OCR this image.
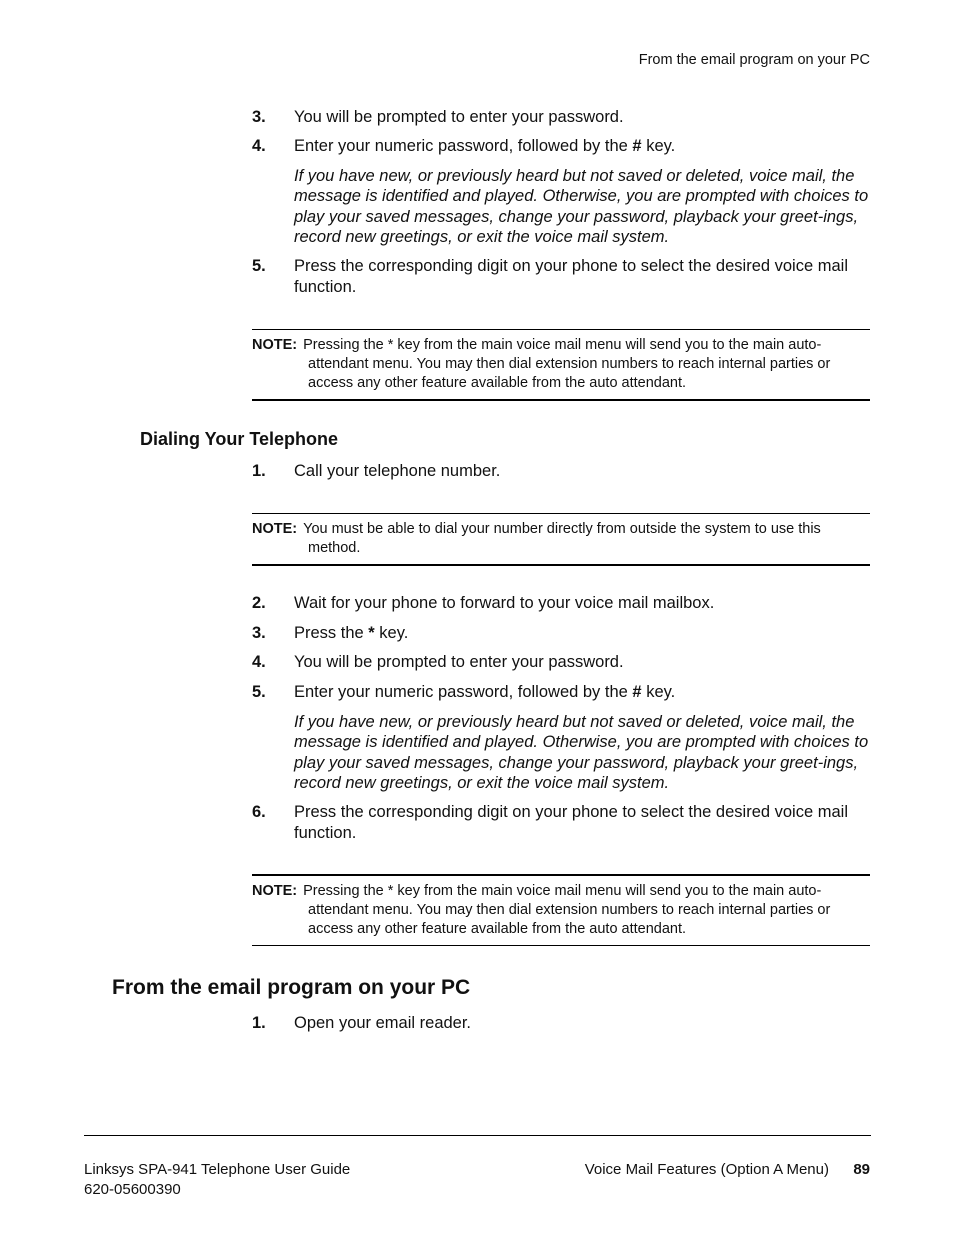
From the email program on your PC
3. You will be prompted to enter your password.
4. Enter your numeric password, followed by the # key.
If you have new, or previously heard but not saved or deleted, voice mail, the message is identified and played. Otherwise, you are prompted with choices to play your saved messages, change your password, playback your greet-ings, record new greetings, or exit the voice mail system.
5. Press the corresponding digit on your phone to select the desired voice mail
function.
NOTE: Pressing the * key from the main voice mail menu will send you to the main auto-
attendant menu. You may then dial extension numbers to reach internal parties or
access any other feature available from the auto attendant.
Dialing Your Telephone
1. Call your telephone number.
NOTE: You must be able to dial your number directly from outside the system to use this
method.
2. Wait for your phone to forward to your voice mail mailbox.
3. Press the * key.
4. You will be prompted to enter your password.
5. Enter your numeric password, followed by the # key.
If you have new, or previously heard but not saved or deleted, voice mail, the message is identified and played. Otherwise, you are prompted with choices to play your saved messages, change your password, playback your greet-ings, record new greetings, or exit the voice mail system.
6. Press the corresponding digit on your phone to select the desired voice mail
function.
NOTE: Pressing the * key from the main voice mail menu will send you to the main auto-
attendant menu. You may then dial extension numbers to reach internal parties or
access any other feature available from the auto attendant.
From the email program on your PC
1. Open your email reader.
Linksys SPA-941 Telephone User Guide
620-05600390
Voice Mail Features (Option A Menu) 89
